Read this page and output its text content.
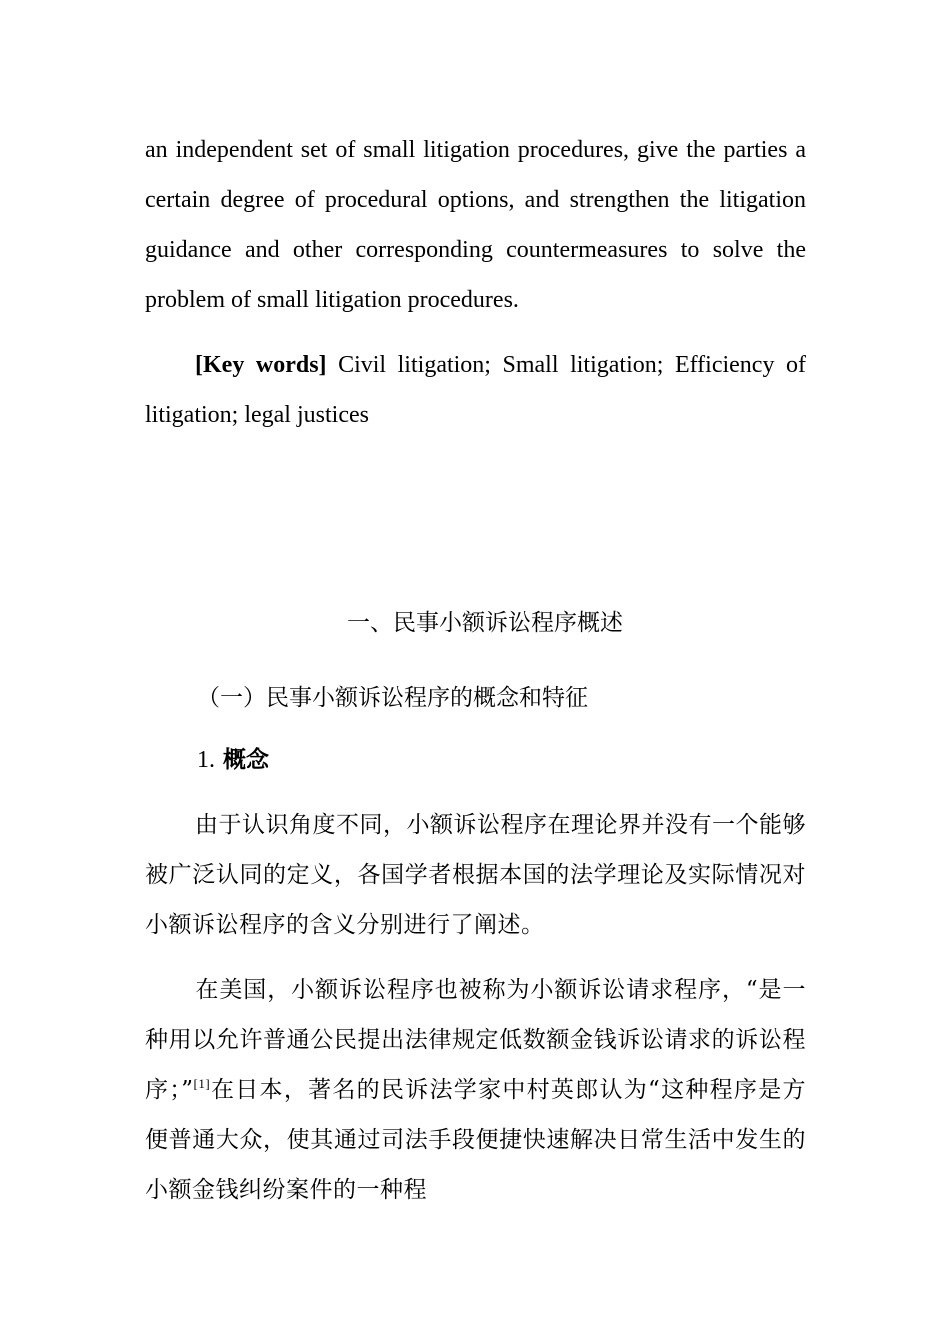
an independent set of small litigation procedures, give the parties a certain degree of procedural options, and strengthen the litigation guidance and other corresponding countermeasures to solve the problem of small litigation procedures.
[Key words] Civil litigation; Small litigation; Efficiency of litigation; legal justices
一、民事小额诉讼程序概述
（一）民事小额诉讼程序的概念和特征
1. 概念
由于认识角度不同，小额诉讼程序在理论界并没有一个能够被广泛认同的定义，各国学者根据本国的法学理论及实际情况对小额诉讼程序的含义分别进行了阐述。
在美国，小额诉讼程序也被称为小额诉讼请求程序，“是一种用以允许普通公民提出法律规定低数额金钱诉讼请求的诉讼程序；”[1]在日本，著名的民诉法学家中村英郎认为“这种程序是方便普通大众，使其通过司法手段便捷快速解决日常生活中发生的小额金钱纠纷案件的一种程
